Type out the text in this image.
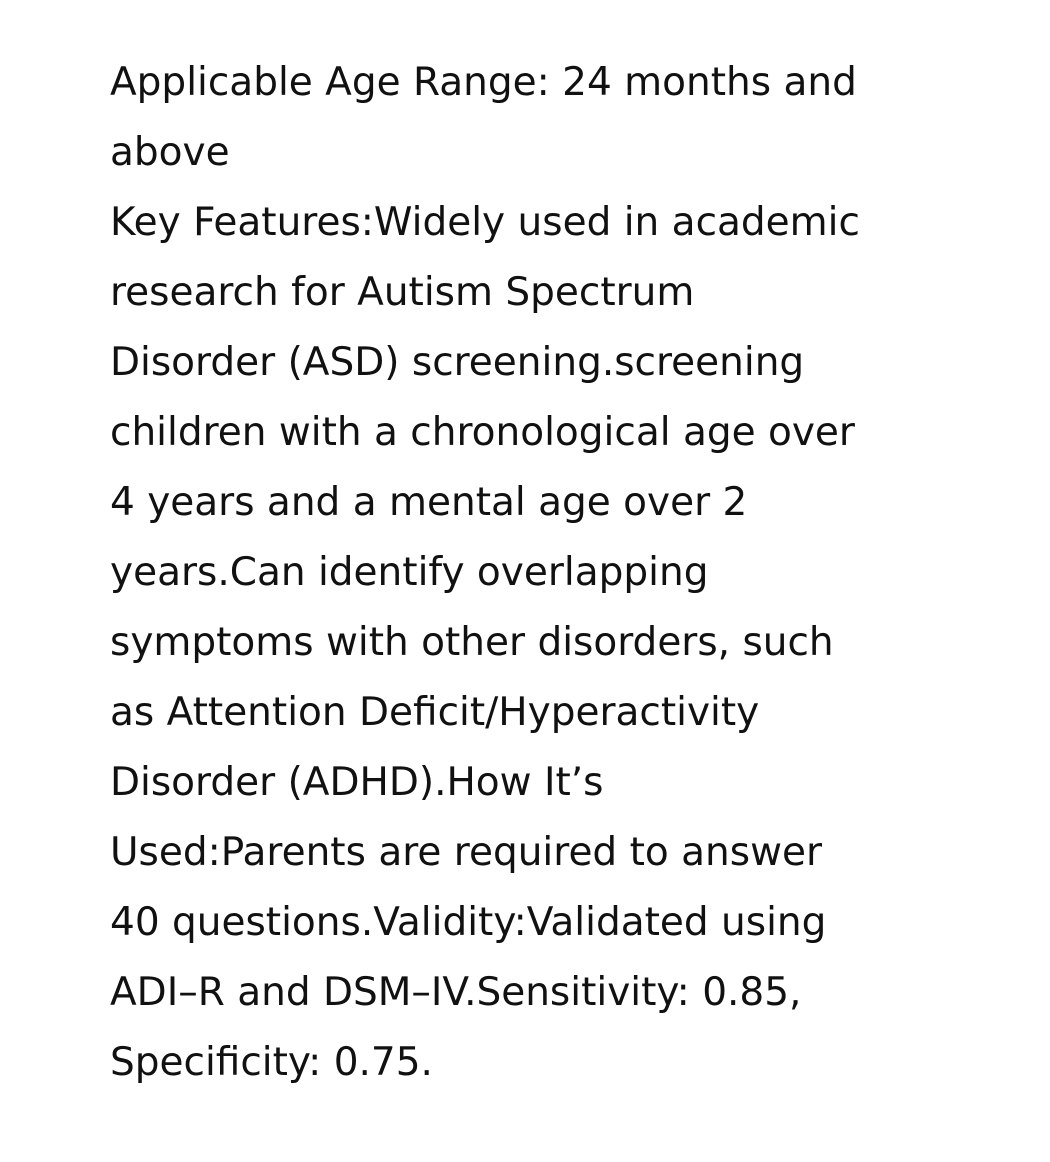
Applicable Age Range: 24 months and
above
Key Features:Widely used in academic
research for Autism Spectrum
Disorder (ASD) screening.screening
children with a chronological age over
4 years and a mental age over 2
years.Can identify overlapping
symptoms with other disorders, such
as Attention Deficit/Hyperactivity
Disorder (ADHD).How It’s
Used:Parents are required to answer
40 questions.Validity:Validated using
ADI–R and DSM–IV.Sensitivity: 0.85,
Specificity: 0.75.
